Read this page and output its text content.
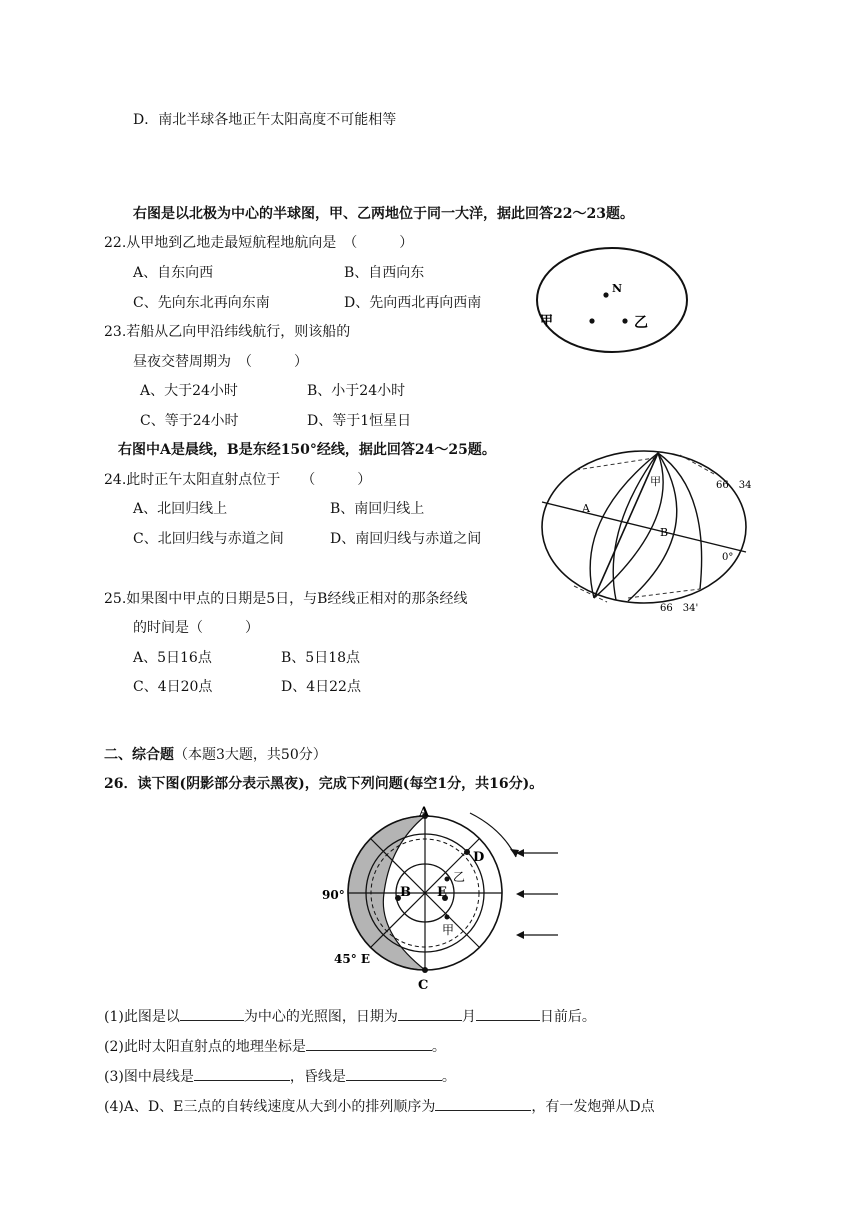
D．南北半球各地正午太阳高度不可能相等
右图是以北极为中心的半球图，甲、乙两地位于同一大洋，据此回答22～23题。
22.从甲地到乙地走最短航程地航向是　（　　　）
A、自东向西	B、自西向东
C、先向东北再向东南	D、先向西北再向西南
23.若船从乙向甲沿纬线航行，则该船的
昼夜交替周期为　（　　　）
A、大于24小时	B、小于24小时
C、等于24小时	D、等于1恒星日
N
甲	乙
右图中A是晨线，B是东经150°经线，据此回答24～25题。
24.此时正午太阳直射点位于　　（　　　）
A、北回归线上	B、南回归线上
C、北回归线与赤道之间	D、南回归线与赤道之间
A
B
甲	66　34
0°
66　34'
25.如果图中甲点的日期是5日，与B经线正相对的那条经线
的时间是（　　　）
A、5日16点	B、5日18点
C、4日20点	D、4日22点
二、综合题（本题3大题，共50分）
26．读下图(阴影部分表示黑夜)，完成下列问题(每空1分，共16分)。
A
C
D
B E
乙
甲
90°
45° E
(1)此图是以	为中心的光照图，日期为	月	日前后。
(2)此时太阳直射点的地理坐标是	。
(3)图中晨线是	，昏线是	。
(4)A、D、E三点的自转线速度从大到小的排列顺序为	，有一发炮弹从D点
